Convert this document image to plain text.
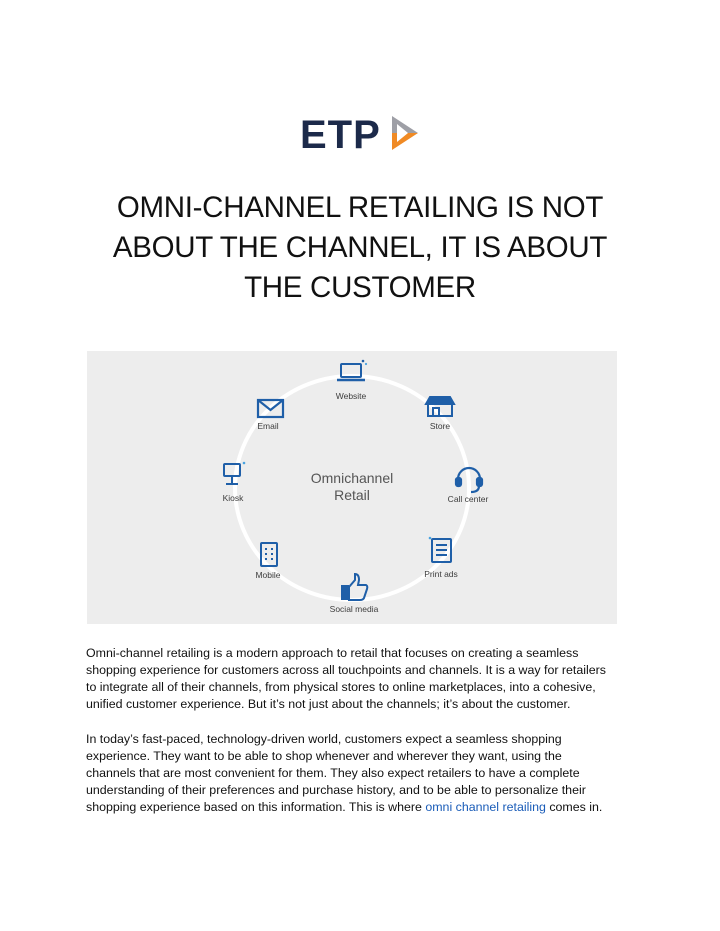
ETP
OMNI-CHANNEL RETAILING IS NOT
ABOUT THE CHANNEL, IT IS ABOUT
THE CUSTOMER
Omnichannel
Retail
Website
Store
Call center
Print ads
Social media
Mobile
Kiosk
Email
Omni-channel retailing is a modern approach to retail that focuses on creating a seamless
shopping experience for customers across all touchpoints and channels. It is a way for retailers
to integrate all of their channels, from physical stores to online marketplaces, into a cohesive,
unified customer experience. But it’s not just about the channels; it’s about the customer.
In today’s fast-paced, technology-driven world, customers expect a seamless shopping
experience. They want to be able to shop whenever and wherever they want, using the
channels that are most convenient for them. They also expect retailers to have a complete
understanding of their preferences and purchase history, and to be able to personalize their
shopping experience based on this information. This is where omni channel retailing comes in.
